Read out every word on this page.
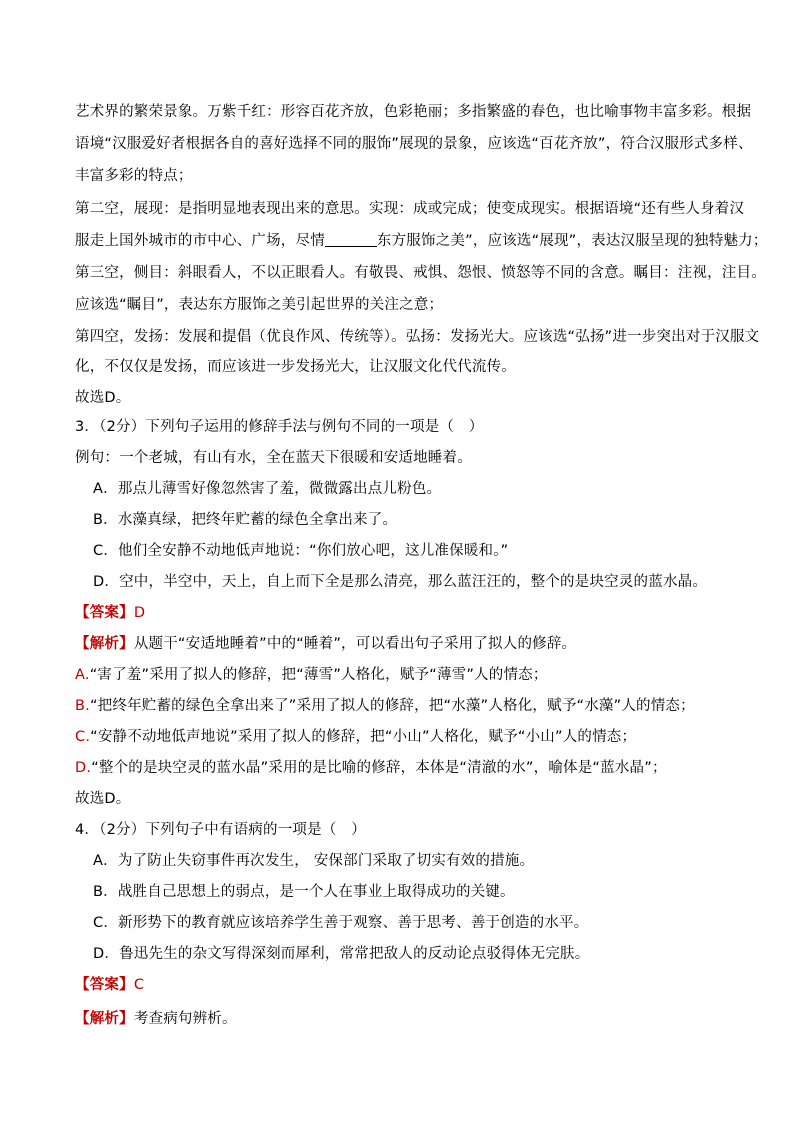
艺术界的繁荣景象。万紫千红：形容百花齐放，色彩艳丽；多指繁盛的春色，也比喻事物丰富多彩。根据
语境“汉服爱好者根据各自的喜好选择不同的服饰”展现的景象，应该选“百花齐放”，符合汉服形式多样、
丰富多彩的特点；
第二空，展现：是指明显地表现出来的意思。实现：成或完成；使变成现实。根据语境“还有些人身着汉
服走上国外城市的市中心、广场，尽情	东方服饰之美”，应该选“展现”，表达汉服呈现的独特魅力；
第三空，侧目：斜眼看人，不以正眼看人。有敬畏、戒惧、怨恨、愤怒等不同的含意。瞩目：注视，注目。
应该选“瞩目”，表达东方服饰之美引起世界的关注之意；
第四空，发扬：发展和提倡（优良作风、传统等）。弘扬：发扬光大。应该选“弘扬”进一步突出对于汉服文
化，不仅仅是发扬，而应该进一步发扬光大，让汉服文化代代流传。
故选D。
3．（2分）下列句子运用的修辞手法与例句不同的一项是（　）
例句：一个老城，有山有水，全在蓝天下很暖和安适地睡着。
A．那点儿薄雪好像忽然害了羞，微微露出点儿粉色。
B．水藻真绿，把终年贮蓄的绿色全拿出来了。
C．他们全安静不动地低声地说：“你们放心吧，这儿准保暖和。”
D．空中，半空中，天上，自上而下全是那么清亮，那么蓝汪汪的，整个的是块空灵的蓝水晶。
【答案】D
【解析】从题干“安适地睡着”中的“睡着”，可以看出句子采用了拟人的修辞。
A.“害了羞”采用了拟人的修辞，把“薄雪”人格化，赋予“薄雪”人的情态；
B.“把终年贮蓄的绿色全拿出来了”采用了拟人的修辞，把“水藻”人格化，赋予“水藻”人的情态；
C.“安静不动地低声地说”采用了拟人的修辞，把“小山”人格化，赋予“小山”人的情态；
D.“整个的是块空灵的蓝水晶”采用的是比喻的修辞，本体是“清澈的水”，喻体是“蓝水晶”；
故选D。
4．（2分）下列句子中有语病的一项是（　）
A．为了防止失窃事件再次发生， 安保部门采取了切实有效的措施。
B．战胜自己思想上的弱点，是一个人在事业上取得成功的关键。
C．新形势下的教育就应该培养学生善于观察、善于思考、善于创造的水平。
D．鲁迅先生的杂文写得深刻而犀利，常常把敌人的反动论点驳得体无完肤。
【答案】C
【解析】考查病句辨析。
